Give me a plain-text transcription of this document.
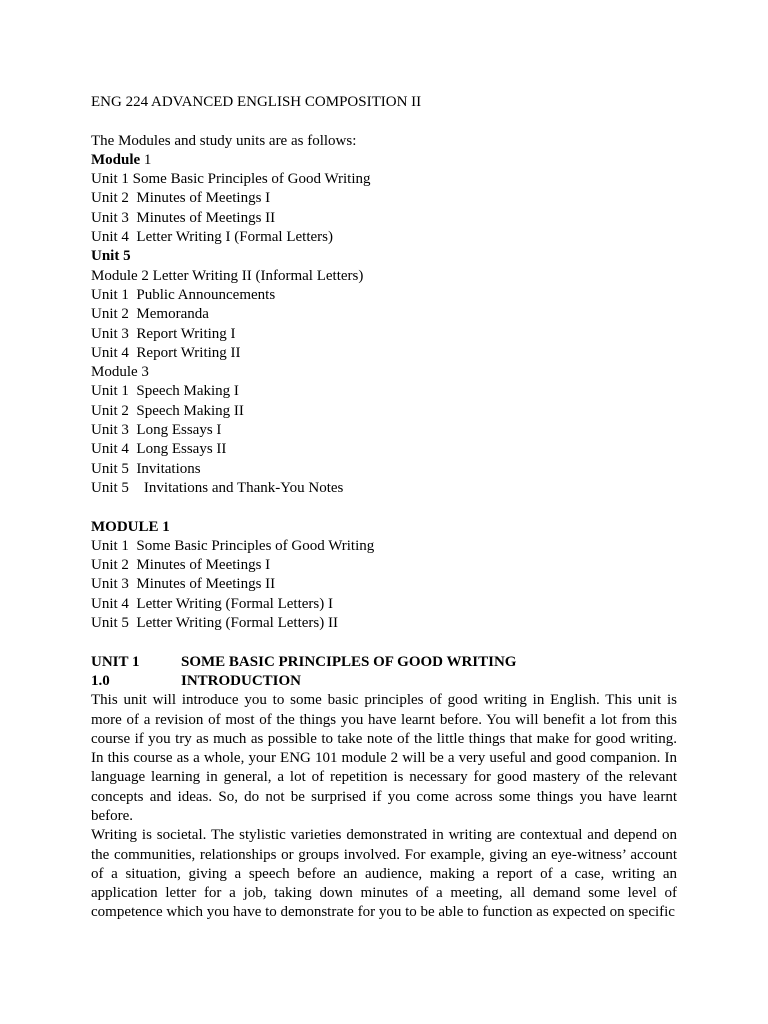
ENG 224 ADVANCED ENGLISH COMPOSITION II
The Modules and study units are as follows:
Module 1
Unit 1 Some Basic Principles of Good Writing
Unit 2  Minutes of Meetings I
Unit 3  Minutes of Meetings II
Unit 4  Letter Writing I (Formal Letters)
Unit 5
Module 2 Letter Writing II (Informal Letters)
Unit 1  Public Announcements
Unit 2  Memoranda
Unit 3  Report Writing I
Unit 4  Report Writing II
Module 3
Unit 1  Speech Making I
Unit 2  Speech Making II
Unit 3  Long Essays I
Unit 4  Long Essays II
Unit 5  Invitations
Unit 5    Invitations and Thank-You Notes
MODULE 1
Unit 1  Some Basic Principles of Good Writing
Unit 2  Minutes of Meetings I
Unit 3  Minutes of Meetings II
Unit 4  Letter Writing (Formal Letters) I
Unit 5  Letter Writing (Formal Letters) II
UNIT 1	SOME BASIC PRINCIPLES OF GOOD WRITING
1.0	INTRODUCTION

This unit will introduce you to some basic principles of good writing in English. This unit is more of a revision of most of the things you have learnt before. You will benefit a lot from this course if you try as much as possible to take note of the little things that make for good writing. In this course as a whole, your ENG 101 module 2 will be a very useful and good companion. In language learning in general, a lot of repetition is necessary for good mastery of the relevant concepts and ideas. So, do not be surprised if you come across some things you have learnt before.

Writing is societal. The stylistic varieties demonstrated in writing are contextual and depend on the communities, relationships or groups involved. For example, giving an eye-witness’ account of a situation, giving a speech before an audience, making a report of a case, writing an application letter for a job, taking down minutes of a meeting, all demand some level of competence which you have to demonstrate for you to be able to function as expected on specific
